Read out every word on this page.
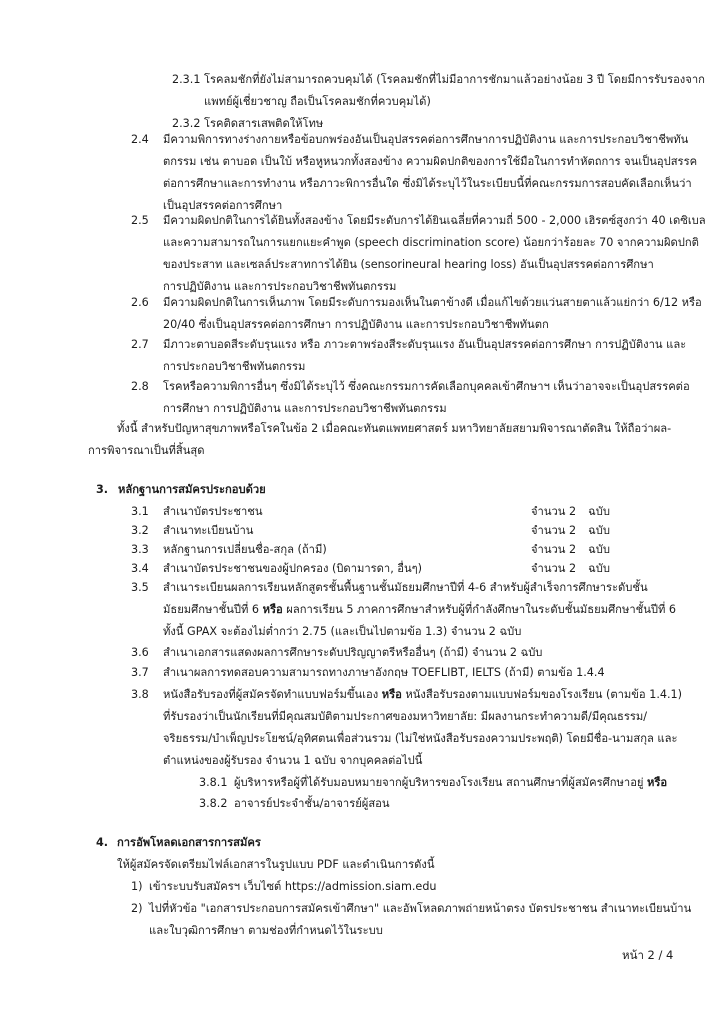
2.3.1 โรคลมชักที่ยังไม่สามารถควบคุมได้ (โรคลมชักที่ไม่มีอาการชักมาแล้วอย่างน้อย 3 ปี โดยมีการรับรองจาก
แพทย์ผู้เชี่ยวชาญ ถือเป็นโรคลมชักที่ควบคุมได้)
2.3.2 โรคติดสารเสพติดให้โทษ
2.4 มีความพิการทางร่างกายหรือข้อบกพร่องอันเป็นอุปสรรคต่อการศึกษาการปฏิบัติงาน และการประกอบวิชาชีพทัน
ตกรรม เช่น ตาบอด เป็นใบ้ หรือหูหนวกทั้งสองข้าง ความผิดปกติของการใช้มือในการทำหัตถการ จนเป็นอุปสรรค
ต่อการศึกษาและการทำงาน หรือภาวะพิการอื่นใด ซึ่งมิได้ระบุไว้ในระเบียบนี้ที่คณะกรรมการสอบคัดเลือกเห็นว่า
เป็นอุปสรรคต่อการศึกษา
2.5 มีความผิดปกติในการได้ยินทั้งสองข้าง โดยมีระดับการได้ยินเฉลี่ยที่ความถี่ 500 - 2,000 เฮิรตซ์สูงกว่า 40 เดซิเบล
และความสามารถในการแยกแยะคำพูด (speech discrimination score) น้อยกว่าร้อยละ 70 จากความผิดปกติ
ของประสาท และเซลล์ประสาทการได้ยิน (sensorineural hearing loss) อันเป็นอุปสรรคต่อการศึกษา
การปฏิบัติงาน และการประกอบวิชาชีพทันตกรรม
2.6 มีความผิดปกติในการเห็นภาพ โดยมีระดับการมองเห็นในตาข้างดี เมื่อแก้ไขด้วยแว่นสายตาแล้วแย่กว่า 6/12 หรือ
20/40 ซึ่งเป็นอุปสรรคต่อการศึกษา การปฏิบัติงาน และการประกอบวิชาชีพทันตก
2.7 มีภาวะตาบอดสีระดับรุนแรง หรือ ภาวะตาพร่องสีระดับรุนแรง อันเป็นอุปสรรคต่อการศึกษา การปฏิบัติงาน และ
การประกอบวิชาชีพทันตกรรม
2.8 โรคหรือความพิการอื่นๆ ซึ่งมิได้ระบุไว้ ซึ่งคณะกรรมการคัดเลือกบุคคลเข้าศึกษาฯ เห็นว่าอาจจะเป็นอุปสรรคต่อ
การศึกษา การปฏิบัติงาน และการประกอบวิชาชีพทันตกรรม
ทั้งนี้ สำหรับปัญหาสุขภาพหรือโรคในข้อ 2 เมื่อคณะทันตแพทยศาสตร์ มหาวิทยาลัยสยามพิจารณาตัดสิน ให้ถือว่าผล-
การพิจารณาเป็นที่สิ้นสุด
3. หลักฐานการสมัครประกอบด้วย
3.1 สำเนาบัตรประชาชน	จำนวน 2 ฉบับ
3.2 สำเนาทะเบียนบ้าน	จำนวน 2 ฉบับ
3.3 หลักฐานการเปลี่ยนชื่อ-สกุล (ถ้ามี)	จำนวน 2 ฉบับ
3.4 สำเนาบัตรประชาชนของผู้ปกครอง (บิดามารดา, อื่นๆ)	จำนวน 2 ฉบับ
3.5 สำเนาระเบียนผลการเรียนหลักสูตรชั้นพื้นฐานชั้นมัธยมศึกษาปีที่ 4-6 สำหรับผู้สำเร็จการศึกษาระดับชั้น
มัธยมศึกษาชั้นปีที่ 6 หรือ ผลการเรียน 5 ภาคการศึกษาสำหรับผู้ที่กำลังศึกษาในระดับชั้นมัธยมศึกษาชั้นปีที่ 6
ทั้งนี้ GPAX จะต้องไม่ต่ำกว่า 2.75 (และเป็นไปตามข้อ 1.3) จำนวน 2 ฉบับ
3.6 สำเนาเอกสารแสดงผลการศึกษาระดับปริญญาตรีหรืออื่นๆ (ถ้ามี) จำนวน 2 ฉบับ
3.7 สำเนาผลการทดสอบความสามารถทางภาษาอังกฤษ TOEFLIBT, IELTS (ถ้ามี) ตามข้อ 1.4.4
3.8 หนังสือรับรองที่ผู้สมัครจัดทำแบบฟอร์มขึ้นเอง หรือ หนังสือรับรองตามแบบฟอร์มของโรงเรียน (ตามข้อ 1.4.1)
ที่รับรองว่าเป็นนักเรียนที่มีคุณสมบัติตามประกาศของมหาวิทยาลัย: มีผลงานกระทำความดี/มีคุณธรรม/
จริยธรรม/บำเพ็ญประโยชน์/อุทิศตนเพื่อส่วนรวม (ไม่ใช่หนังสือรับรองความประพฤติ) โดยมีชื่อ-นามสกุล และ
ตำแหน่งของผู้รับรอง จำนวน 1 ฉบับ จากบุคคลต่อไปนี้
3.8.1 ผู้บริหารหรือผู้ที่ได้รับมอบหมายจากผู้บริหารของโรงเรียน สถานศึกษาที่ผู้สมัครศึกษาอยู่ หรือ
3.8.2 อาจารย์ประจำชั้น/อาจารย์ผู้สอน
4. การอัพโหลดเอกสารการสมัคร
ให้ผู้สมัครจัดเตรียมไฟล์เอกสารในรูปแบบ PDF และดำเนินการดังนี้
1) เข้าระบบรับสมัครฯ เว็บไซต์ https://admission.siam.edu
2) ไปที่หัวข้อ "เอกสารประกอบการสมัครเข้าศึกษา" และอัพโหลดภาพถ่ายหน้าตรง บัตรประชาชน สำเนาทะเบียนบ้าน
และใบวุฒิการศึกษา ตามช่องที่กำหนดไว้ในระบบ
หน้า 2 / 4
